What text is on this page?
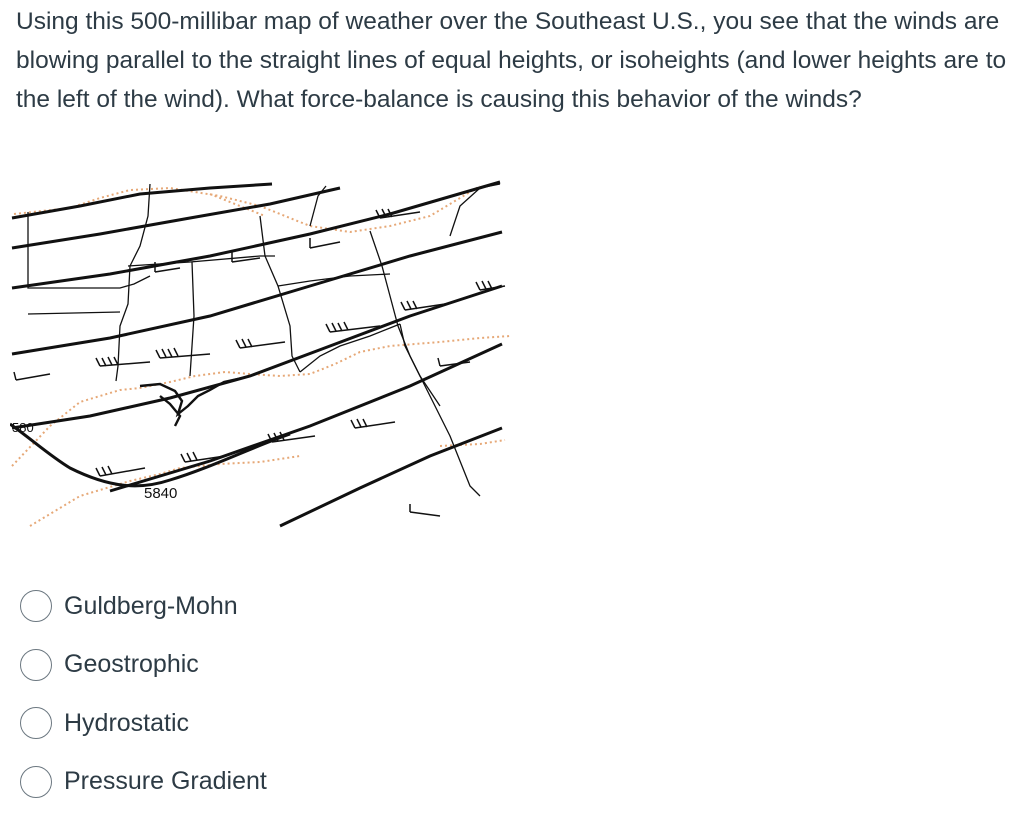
Using this 500-millibar map of weather over the Southeast U.S., you see that the winds are blowing parallel to the straight lines of equal heights, or isoheights (and lower heights are to the left of the wind). What force-balance is causing this behavior of the winds?

5840
580
Guldberg-Mohn
Geostrophic
Hydrostatic
Pressure Gradient
